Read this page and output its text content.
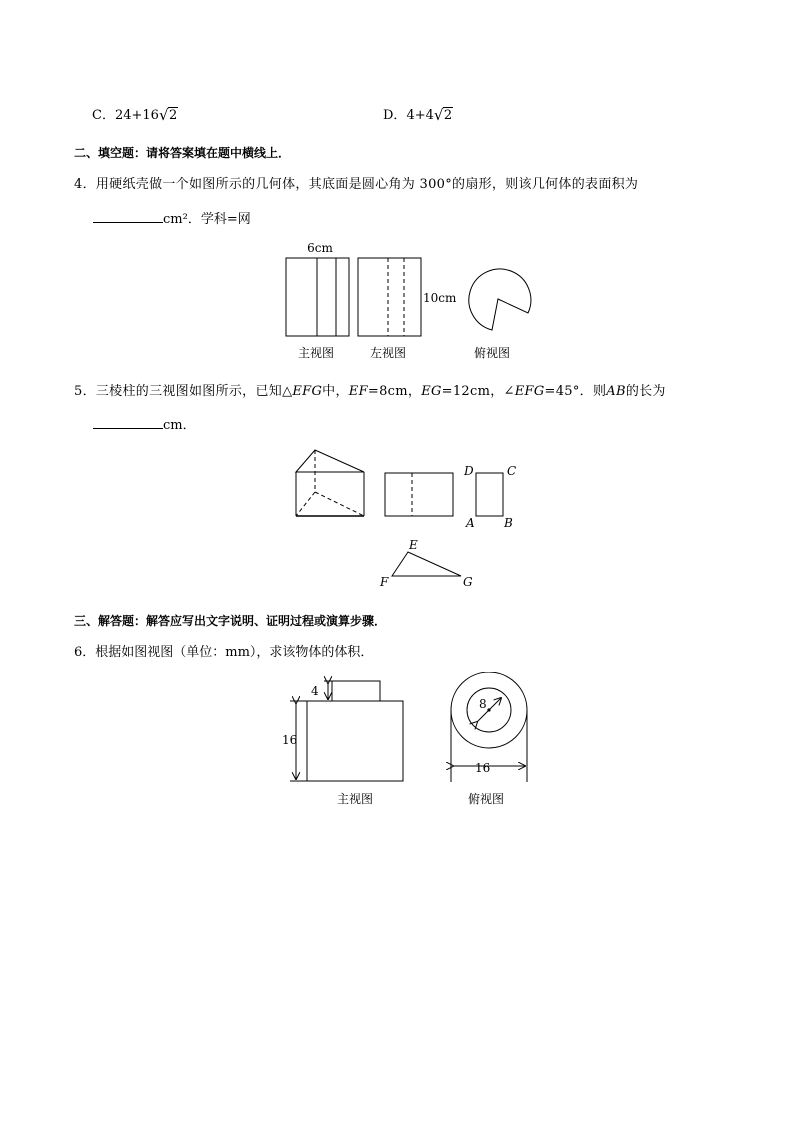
C．24+16 √ 2	D．4+4 √ 2
二、填空题：请将答案填在题中横线上．
4．用硬纸壳做一个如图所示的几何体，其底面是圆心角为 300°的扇形，则该几何体的表面积为
cm²．学科=网
6cm
10cm
主视图	左视图	俯视图
5．三棱柱的三视图如图所示，已知△EFG中，EF=8cm，EG=12cm，∠EFG=45°．则AB的长为
cm．
D	C
A B
E
F	G
三、解答题：解答应写出文字说明、证明过程或演算步骤．
6．根据如图视图（单位：mm），求该物体的体积．
4
16
主视图
8
16
俯视图
